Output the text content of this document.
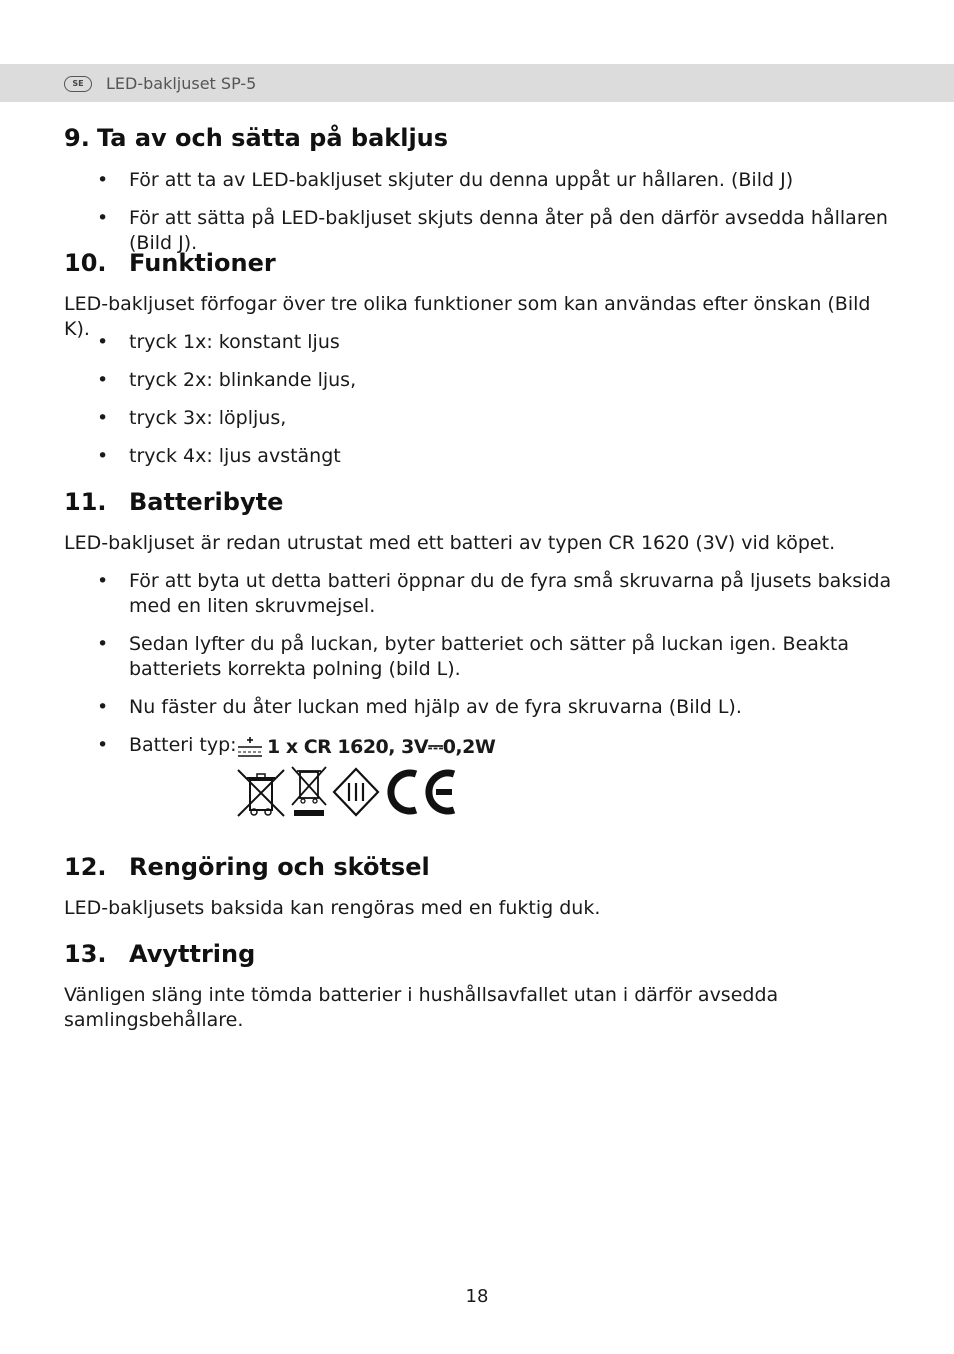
SE	LED-bakljuset SP-5
9. Ta av och sätta på bakljus
• För att ta av LED-bakljuset skjuter du denna uppåt ur hållaren. (Bild J)
• För att sätta på LED-bakljuset skjuts denna åter på den därför avsedda hållaren (Bild J).
10. Funktioner

LED-bakljuset förfogar över tre olika funktioner som kan användas efter önskan (Bild K).

• tryck 1x: konstant ljus
• tryck 2x: blinkande ljus,
• tryck 3x: löpljus,
• tryck 4x: ljus avstängt
11. Batteribyte

LED-bakljuset är redan utrustat med ett batteri av typen CR 1620 (3V) vid köpet.

• För att byta ut detta batteri öppnar du de fyra små skruvarna på ljusets baksida med en liten skruvmejsel.
• Sedan lyfter du på luckan, byter batteriet och sätter på luckan igen. Beakta batteriets korrekta polning (bild L).
• Nu fäster du åter luckan med hjälp av de fyra skruvarna (Bild L).
• Batteri typ:	1 x CR 1620, 3V⎓0,2W
12. Rengöring och skötsel

LED-bakljusets baksida kan rengöras med en fuktig duk.

13. Avyttring

Vänligen släng inte tömda batterier i hushållsavfallet utan i därför avsedda samlingsbehållare.

18
